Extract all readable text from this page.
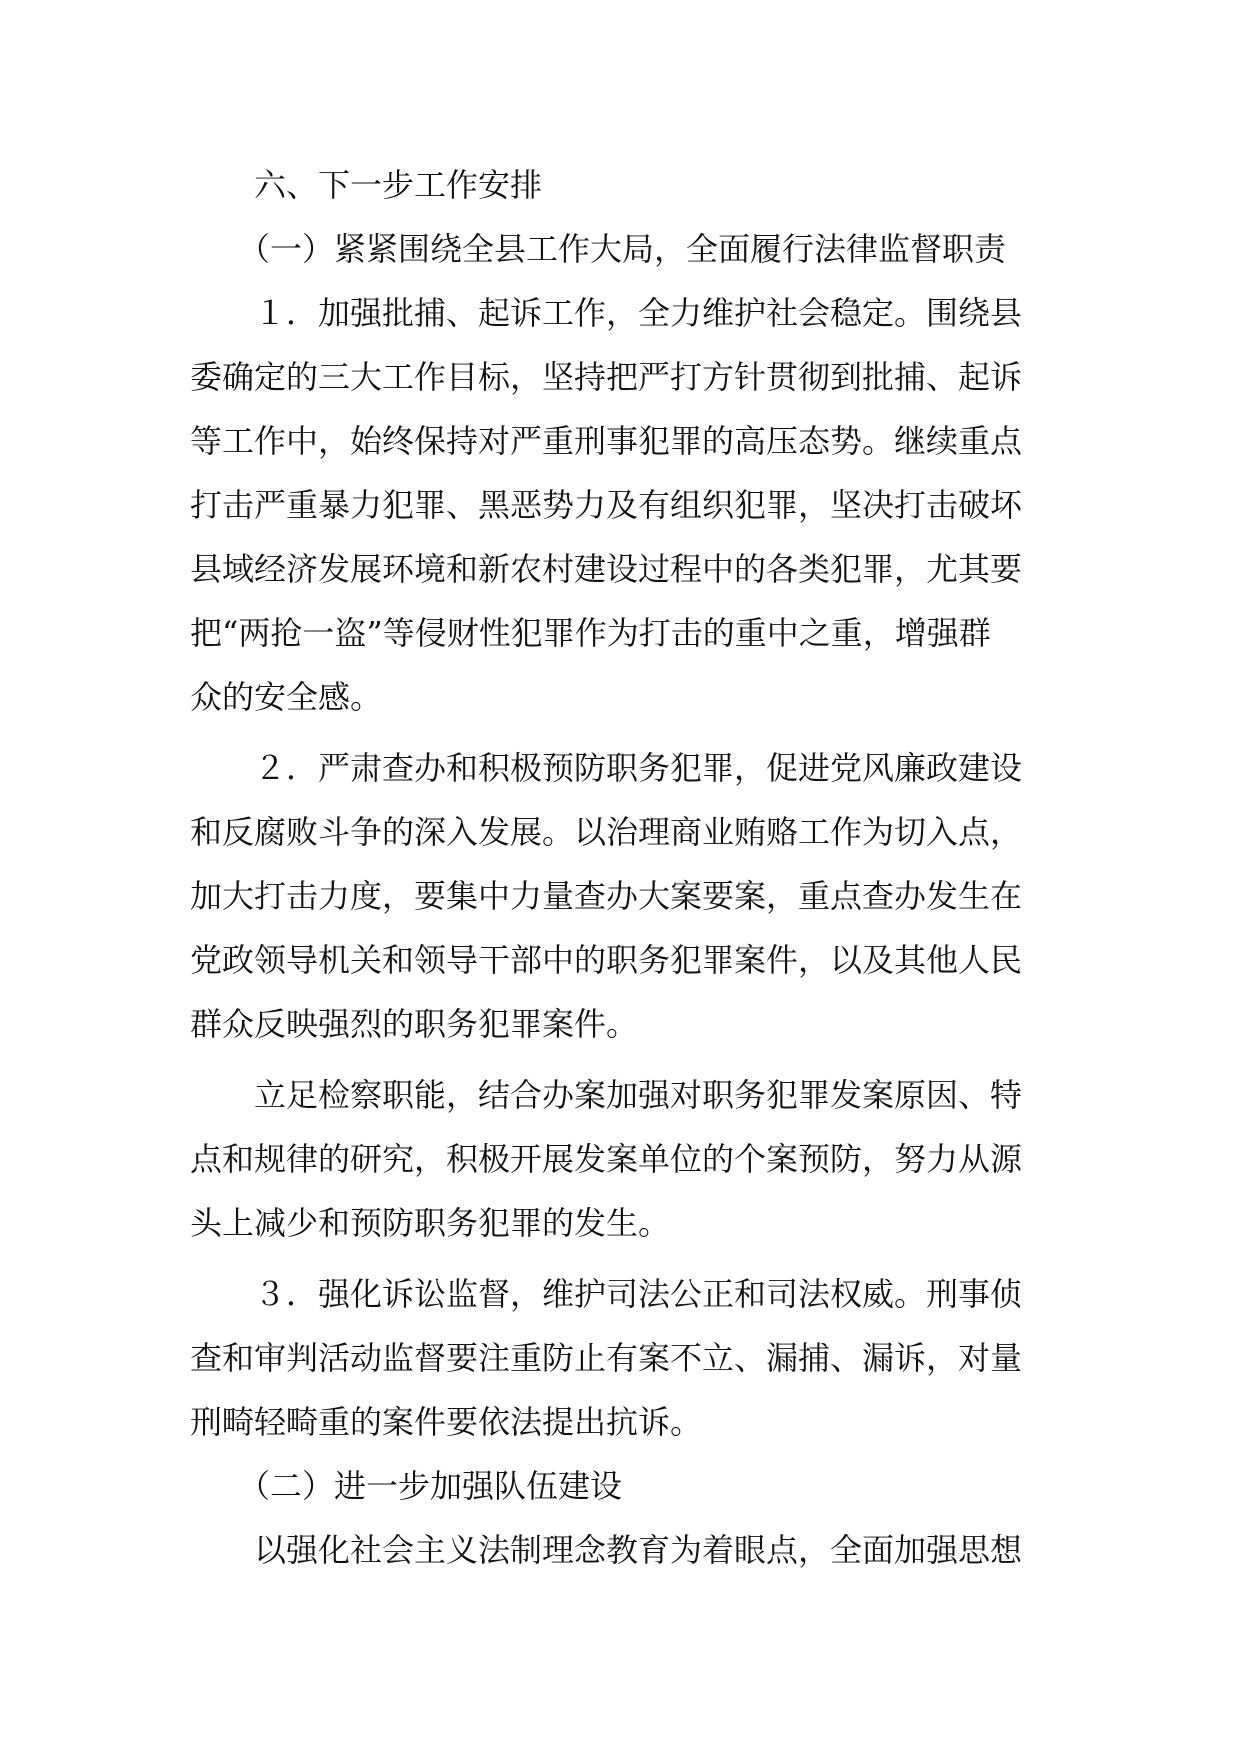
六、下一步工作安排
（一）紧紧围绕全县工作大局，全面履行法律监督职责
１．加强批捕、起诉工作，全力维护社会稳定。围绕县
委确定的三大工作目标，坚持把严打方针贯彻到批捕、起诉
等工作中，始终保持对严重刑事犯罪的高压态势。继续重点
打击严重暴力犯罪、黑恶势力及有组织犯罪，坚决打击破坏
县域经济发展环境和新农村建设过程中的各类犯罪，尤其要
把“两抢一盗”等侵财性犯罪作为打击的重中之重，增强群
众的安全感。
２．严肃查办和积极预防职务犯罪，促进党风廉政建设
和反腐败斗争的深入发展。以治理商业贿赂工作为切入点，
加大打击力度，要集中力量查办大案要案，重点查办发生在
党政领导机关和领导干部中的职务犯罪案件，以及其他人民
群众反映强烈的职务犯罪案件。
立足检察职能，结合办案加强对职务犯罪发案原因、特
点和规律的研究，积极开展发案单位的个案预防，努力从源
头上减少和预防职务犯罪的发生。
３．强化诉讼监督，维护司法公正和司法权威。刑事侦
查和审判活动监督要注重防止有案不立、漏捕、漏诉，对量
刑畸轻畸重的案件要依法提出抗诉。
（二）进一步加强队伍建设
以强化社会主义法制理念教育为着眼点，全面加强思想
